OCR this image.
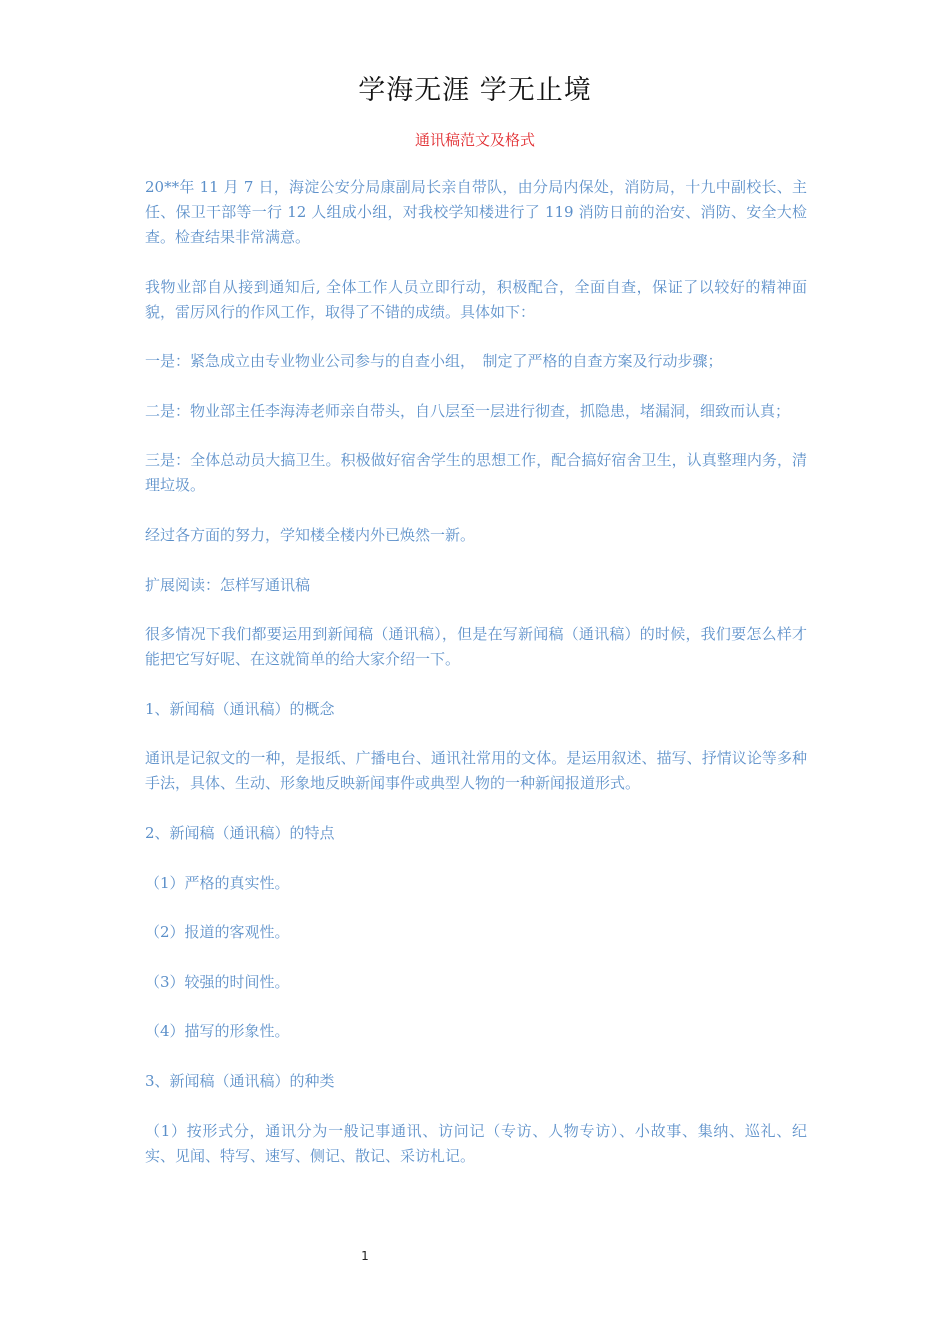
学海无涯 学无止境
通讯稿范文及格式

20**年 11 月 7 日，海淀公安分局康副局长亲自带队，由分局内保处，消防局，十九中副校长、主任、保卫干部等一行 12 人组成小组，对我校学知楼进行了 119 消防日前的治安、消防、安全大检查。检查结果非常满意。

我物业部自从接到通知后, 全体工作人员立即行动，积极配合，全面自查，保证了以较好的精神面貌，雷厉风行的作风工作，取得了不错的成绩。具体如下：

一是：紧急成立由专业物业公司参与的自查小组，　制定了严格的自查方案及行动步骤；

二是：物业部主任李海涛老师亲自带头，自八层至一层进行彻查，抓隐患，堵漏洞，细致而认真；

三是：全体总动员大搞卫生。积极做好宿舍学生的思想工作，配合搞好宿舍卫生，认真整理内务，清理垃圾。

经过各方面的努力，学知楼全楼内外已焕然一新。

扩展阅读：怎样写通讯稿

很多情况下我们都要运用到新闻稿（通讯稿），但是在写新闻稿（通讯稿）的时候，我们要怎么样才能把它写好呢、在这就简单的给大家介绍一下。

1、新闻稿（通讯稿）的概念

通讯是记叙文的一种，是报纸、广播电台、通讯社常用的文体。是运用叙述、描写、抒情议论等多种手法，具体、生动、形象地反映新闻事件或典型人物的一种新闻报道形式。

2、新闻稿（通讯稿）的特点

（1）严格的真实性。

（2）报道的客观性。

（3）较强的时间性。

（4）描写的形象性。

3、新闻稿（通讯稿）的种类

（1）按形式分，通讯分为一般记事通讯、访问记（专访、人物专访）、小故事、集纳、巡礼、纪实、见闻、特写、速写、侧记、散记、采访札记。

1
